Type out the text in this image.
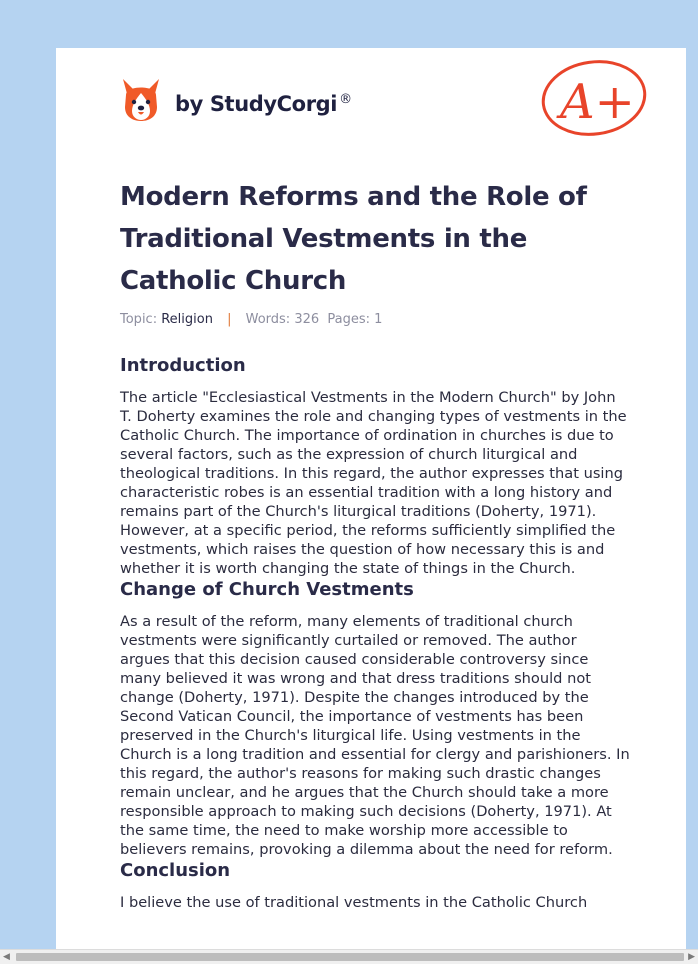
by StudyCorgi ®	A+
Modern Reforms and the Role of Traditional Vestments in the Catholic Church
Topic: Religion | Words: 326 Pages: 1
Introduction

The article "Ecclesiastical Vestments in the Modern Church" by John T. Doherty examines the role and changing types of vestments in the Catholic Church. The importance of ordination in churches is due to several factors, such as the expression of church liturgical and theological traditions. In this regard, the author expresses that using characteristic robes is an essential tradition with a long history and remains part of the Church's liturgical traditions (Doherty, 1971). However, at a specific period, the reforms sufficiently simplified the vestments, which raises the question of how necessary this is and whether it is worth changing the state of things in the Church.

Change of Church Vestments

As a result of the reform, many elements of traditional church vestments were significantly curtailed or removed. The author argues that this decision caused considerable controversy since many believed it was wrong and that dress traditions should not change (Doherty, 1971). Despite the changes introduced by the Second Vatican Council, the importance of vestments has been preserved in the Church's liturgical life. Using vestments in the Church is a long tradition and essential for clergy and parishioners. In this regard, the author's reasons for making such drastic changes remain unclear, and he argues that the Church should take a more responsible approach to making such decisions (Doherty, 1971). At the same time, the need to make worship more accessible to believers remains, provoking a dilemma about the need for reform.

Conclusion

I believe the use of traditional vestments in the Catholic Church

◀	▶
